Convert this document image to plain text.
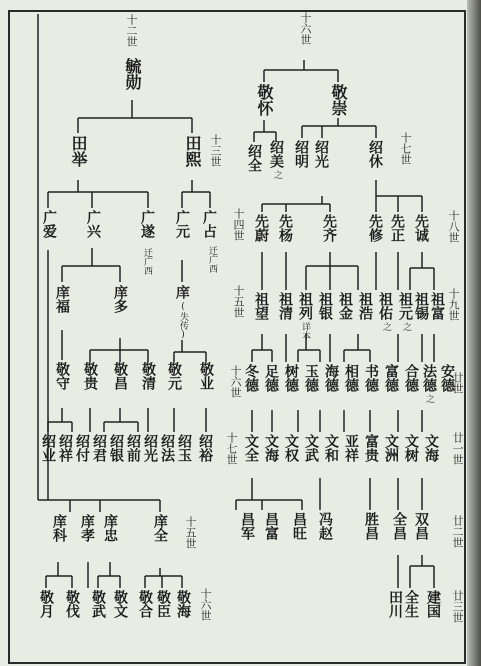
十二世	十六世
十三世	十七世
十四世	十八世
十五世	十九世
十六世	廿世
十七世	廿一世
廿二世
十五世
廿三世
十六世
毓勋
田举	田熙
广爱 广兴	广遂
迁广西
广元 广占
迁广西
庠福	庠多	庠
(失传)
敬守 敬贵 敬昌 敬清 敬元 敬业
绍业 绍祥 绍付 绍君 绍银 绍前 绍光 绍法 绍玉 绍裕
庠科 庠孝 庠忠 庠全
敬月 敬伐 敬武 敬文 敬合 敬臣 敬海
敬怀	敬崇
绍全 绍美
之
绍明 绍光	绍休
先蔚 先杨 先齐 先修 先正 先诚
祖望 祖清 祖列
详本
祖银 祖金 祖浩 祖佑
之
祖元
之
祖锡 祖富
冬德 足德 树德 玉德 海德 相德 书德 富德 合德 法德
之
安德
文全 文海 文权 文武 文和 亚祥 富贵 文洲 文树 文海
昌军 昌富 昌旺 冯赵 胜昌 全昌 双昌
全生
田川 建国
